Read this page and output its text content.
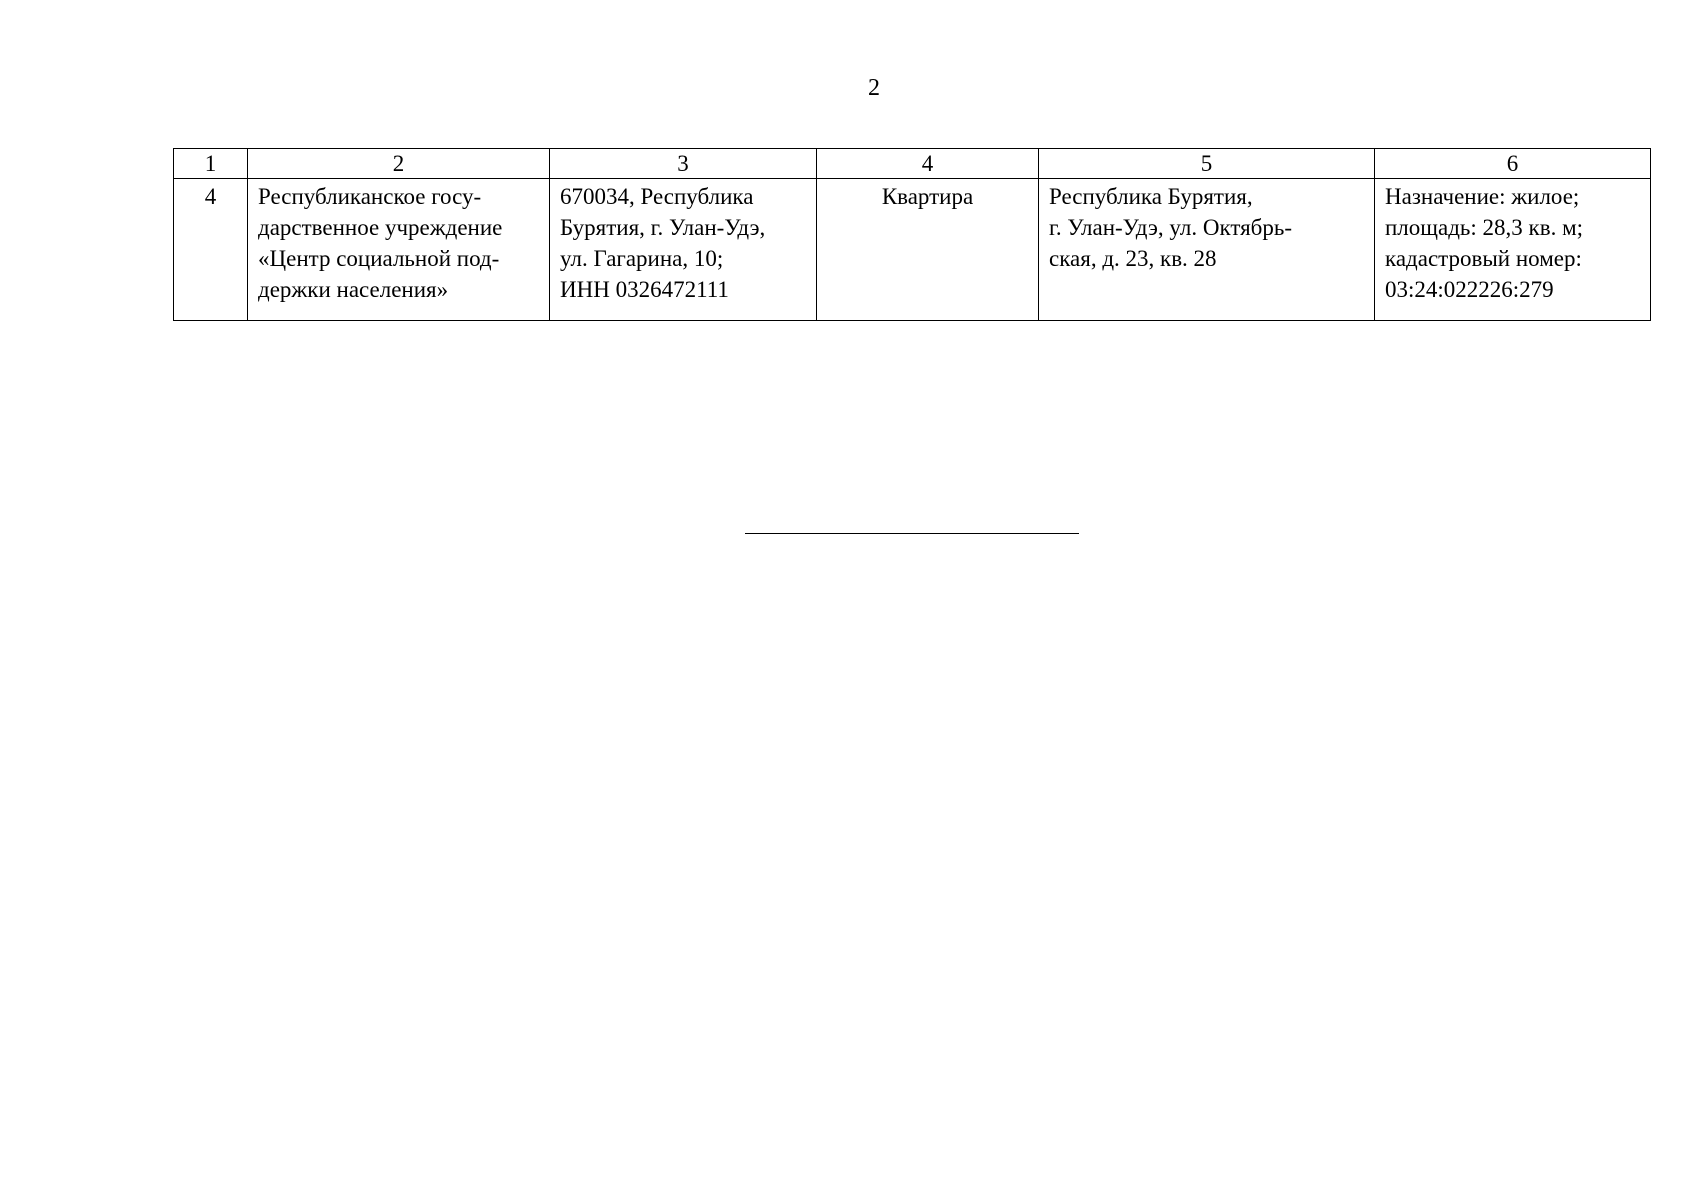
2
1	2	3	4	5	6
4	Республиканское госу-
дарственное учреждение
«Центр социальной под-
держки населения»	670034, Республика
Бурятия, г. Улан-Удэ,
ул. Гагарина, 10;
ИНН 0326472111	Квартира	Республика Бурятия,
г. Улан-Удэ, ул. Октябрь-
ская, д. 23, кв. 28	Назначение: жилое;
площадь: 28,3 кв. м;
кадастровый номер:
03:24:022226:279
